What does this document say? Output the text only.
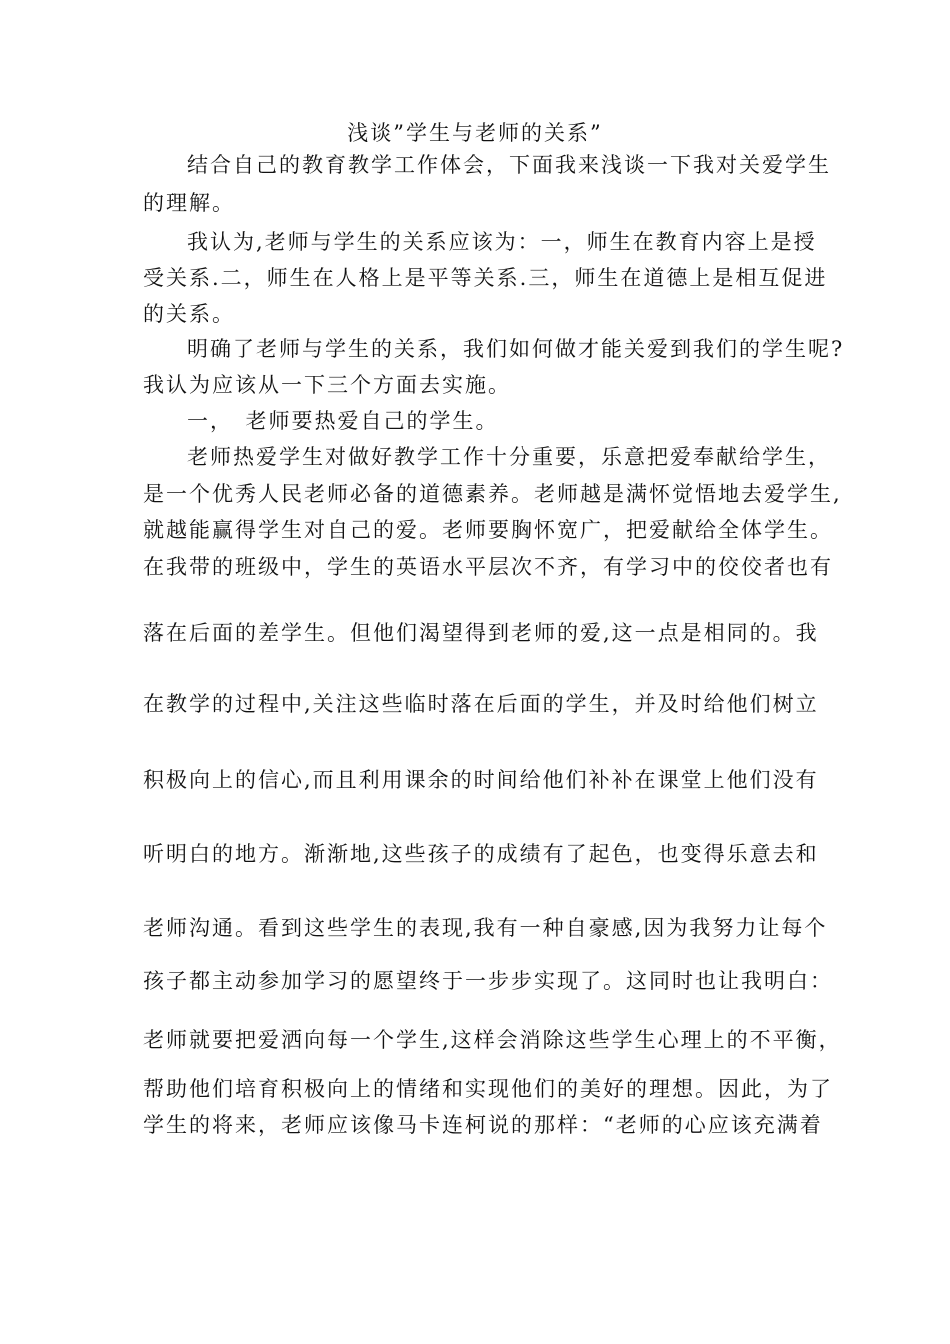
浅谈”学生与老师的关系”
结合自己的教育教学工作体会，下面我来浅谈一下我对关爱学生
的理解。
我认为,老师与学生的关系应该为：一，师生在教育内容上是授
受关系.二，师生在人格上是平等关系.三，师生在道德上是相互促进
的关系。
明确了老师与学生的关系，我们如何做才能关爱到我们的学生呢?
我认为应该从一下三个方面去实施。
一，　老师要热爱自己的学生。
老师热爱学生对做好教学工作十分重要，乐意把爱奉献给学生，
是一个优秀人民老师必备的道德素养。老师越是满怀觉悟地去爱学生,
就越能赢得学生对自己的爱。老师要胸怀宽广，把爱献给全体学生。
在我带的班级中，学生的英语水平层次不齐，有学习中的佼佼者也有
落在后面的差学生。但他们渴望得到老师的爱,这一点是相同的。我
在教学的过程中,关注这些临时落在后面的学生，并及时给他们树立
积极向上的信心,而且利用课余的时间给他们补补在课堂上他们没有
听明白的地方。渐渐地,这些孩子的成绩有了起色，也变得乐意去和
老师沟通。看到这些学生的表现,我有一种自豪感,因为我努力让每个
孩子都主动参加学习的愿望终于一步步实现了。这同时也让我明白：
老师就要把爱洒向每一个学生,这样会消除这些学生心理上的不平衡，
帮助他们培育积极向上的情绪和实现他们的美好的理想。因此，为了
学生的将来，老师应该像马卡连柯说的那样：“老师的心应该充满着
